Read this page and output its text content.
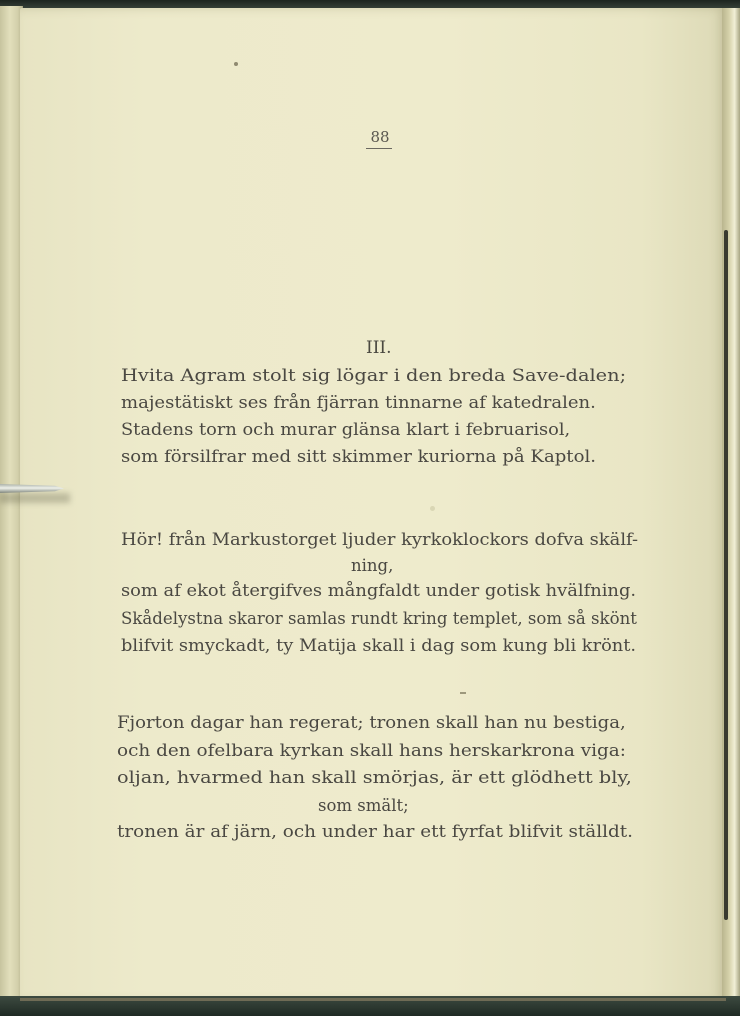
88
III.
Hvita Agram stolt sig lögar i den breda Save-dalen;
majestätiskt ses från fjärran tinnarne af katedralen.
Stadens torn och murar glänsa klart i februarisol,
som försilfrar med sitt skimmer kuriorna på Kaptol.
Hör! från Markustorget ljuder kyrkoklockors dofva skälf-
ning,
som af ekot återgifves mångfaldt under gotisk hvälfning.
Skådelystna skaror samlas rundt kring templet, som så skönt
blifvit smyckadt, ty Matija skall i dag som kung bli krönt.
Fjorton dagar han regerat; tronen skall han nu bestiga,
och den ofelbara kyrkan skall hans herskarkrona viga:
oljan, hvarmed han skall smörjas, är ett glödhett bly,
som smält;
tronen är af järn, och under har ett fyrfat blifvit ställdt.
